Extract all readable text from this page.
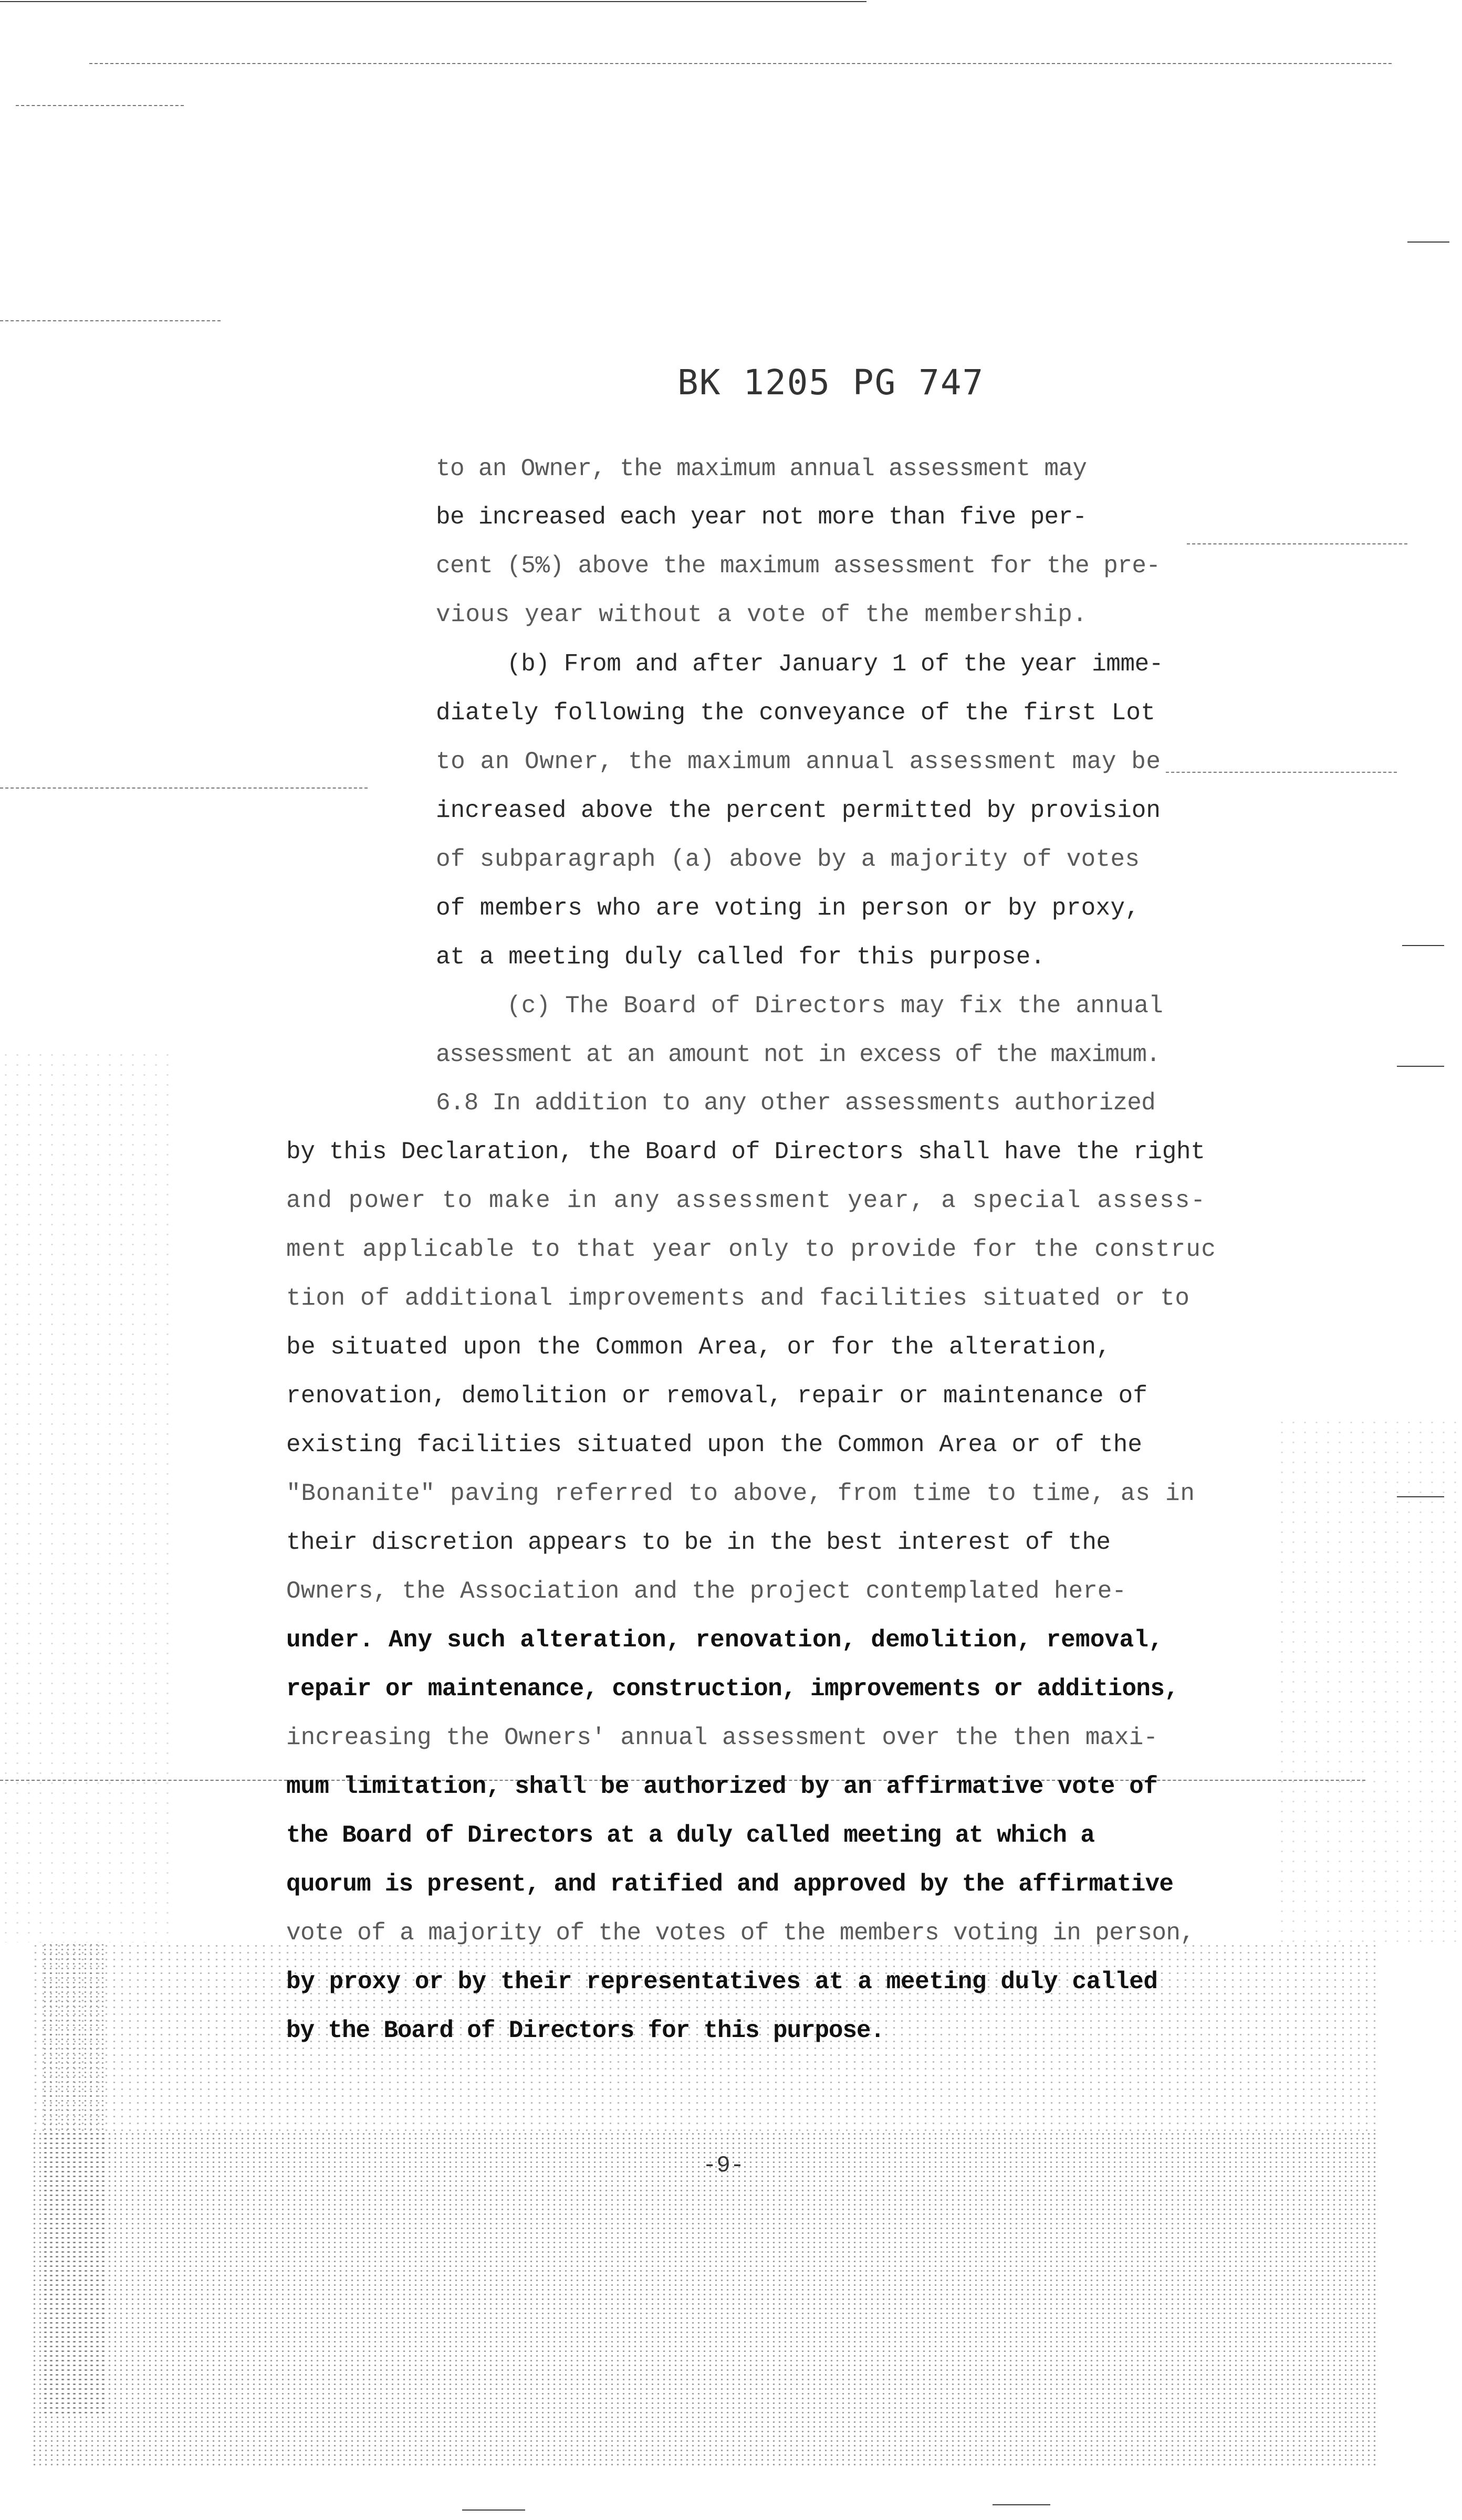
BK 1205 PG 747
to an Owner, the maximum annual assessment may
be increased each year not more than five per-
cent (5%) above the maximum assessment for the pre-
vious year without a vote of the membership.
(b) From and after January 1 of the year imme-
diately following the conveyance of the first Lot
to an Owner, the maximum annual assessment may be
increased above the percent permitted by provision
of subparagraph (a) above by a majority of votes
of members who are voting in person or by proxy,
at a meeting duly called for this purpose.
(c) The Board of Directors may fix the annual
assessment at an amount not in excess of the maximum.
6.8 In addition to any other assessments authorized
by this Declaration, the Board of Directors shall have the right
and power to make in any assessment year, a special assess-
ment applicable to that year only to provide for the construc
tion of additional improvements and facilities situated or to
be situated upon the Common Area, or for the alteration,
renovation, demolition or removal, repair or maintenance of
existing facilities situated upon the Common Area or of the
"Bonanite" paving referred to above, from time to time, as in
their discretion appears to be in the best interest of the
Owners, the Association and the project contemplated here-
under. Any such alteration, renovation, demolition, removal,
repair or maintenance, construction, improvements or additions,
increasing the Owners' annual assessment over the then maxi-
mum limitation, shall be authorized by an affirmative vote of
the Board of Directors at a duly called meeting at which a
quorum is present, and ratified and approved by the affirmative
vote of a majority of the votes of the members voting in person,
by proxy or by their representatives at a meeting duly called
by the Board of Directors for this purpose.
-9-
